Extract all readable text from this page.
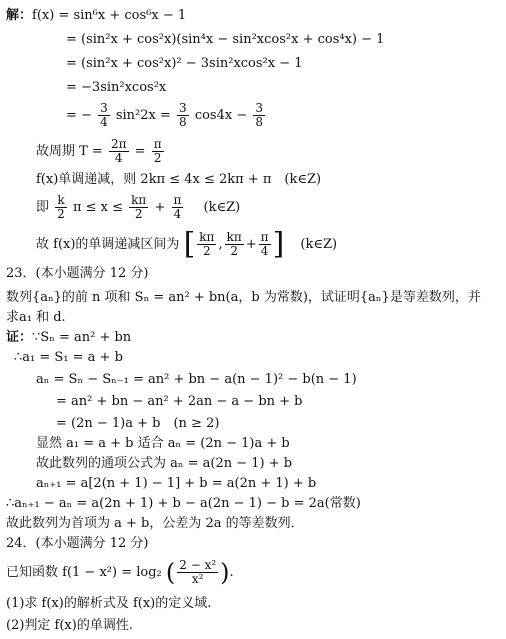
解：f(x) = sin⁶x + cos⁶x − 1
= (sin²x + cos²x)(sin⁴x − sin²xcos²x + cos⁴x) − 1
= (sin²x + cos²x)² − 3sin²xcos²x − 1
= −3sin²xcos²x
= − $\frac{3}{4} \sin^22x = \frac{3}{8} \cos 4x - \frac{3}{8}$
故周期 $T = \frac{2\pi}{4} = \frac{\pi}{2}$
f(x)单调递减，则 2kπ ≤ 4x ≤ 2kπ + π　(k∈Z)
即 $\frac{k}{2}$ $\pi \le x \le \frac{k\pi}{2} + \frac{\pi}{4}$ (k∈Z)
故 f(x)的单调递减区间为 [ $\frac{k\pi}{2}$ , $\frac{k\pi}{2} + \frac{\pi}{4}$ ] (k∈Z)
23．(本小题满分 12 分)
数列{aₙ}的前 n 项和 Sₙ = an² + bn(a，b 为常数)，试证明{aₙ}是等差数列，并
求a₁ 和 d.
证：∵Sₙ = an² + bn
∴a₁ = S₁ = a + b
aₙ = Sₙ − Sₙ₋₁ = an² + bn − a(n − 1)² − b(n − 1)
= an² + bn − an² + 2an − a − bn + b
= (2n − 1)a + b　(n ≥ 2)
显然 a₁ = a + b 适合 aₙ = (2n − 1)a + b
故此数列的通项公式为 aₙ = a(2n − 1) + b
aₙ₊₁ = a[2(n + 1) − 1] + b = a(2n + 1) + b
∴aₙ₊₁ − aₙ = a(2n + 1) + b − a(2n − 1) − b = 2a(常数)
故此数列为首项为 a + b，公差为 2a 的等差数列．
24．(本小题满分 12 分)
已知函数 f(1 − x²) = log₂ ( $\frac{\text{2 − x²}}{\text{x²}}$ ).
(1)求 f(x)的解析式及 f(x)的定义域.
(2)判定 f(x)的单调性.
